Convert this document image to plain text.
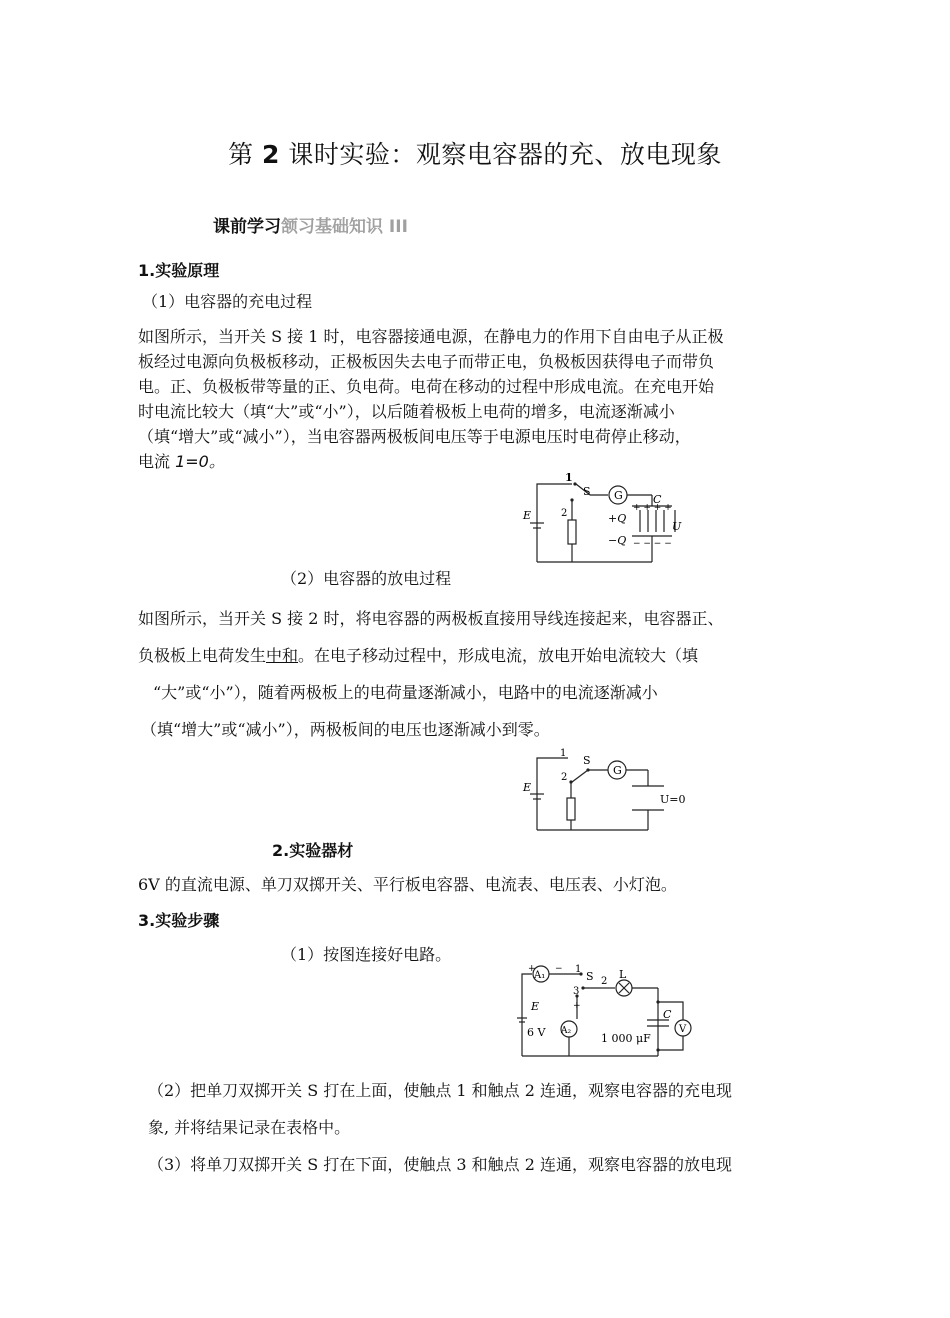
第 2 课时实验：观察电容器的充、放电现象
课前学习颔习基础知识 III
1.实验原理
（1）电容器的充电过程
如图所示，当开关 S 接 1 时，电容器接通电源，在静电力的作用下自由电子从正极
板经过电源向负极板移动，正极板因失去电子而带正电，负极板因获得电子而带负
电。正、负极板带等量的正、负电荷。电荷在移动的过程中形成电流。在充电开始
时电流比较大（填“大”或“小”），以后随着极板上电荷的增多，电流逐渐减小
（填“增大”或“减小”），当电容器两极板间电压等于电源电压时电荷停止移动，
电流 1=0。
1
S G	C
+ + + +
− − − −
+Q
−Q
U
2
E
（2）电容器的放电过程
如图所示，当开关 S 接 2 时，将电容器的两极板直接用导线连接起来，电容器正、
负极板上电荷发生中和。在电子移动过程中，形成电流，放电开始电流较大（填
“大”或“小”），随着两极板上的电荷量逐渐减小，电路中的电流逐渐减小
（填“增大”或“减小”），两极板间的电压也逐渐减小到零。
1
S
2
G
U=0
E
2.实验器材
6V 的直流电源、单刀双掷开关、平行板电容器、电流表、电压表、小灯泡。
3.实验步骤
（1）按图连接好电路。
A₁
+ − 1
S L
2
3
+
A₂
E
6 V
C
V
1 000 μF
（2）把单刀双掷开关 S 打在上面，使触点 1 和触点 2 连通，观察电容器的充电现
象, 并将结果记录在表格中。
（3）将单刀双掷开关 S 打在下面，使触点 3 和触点 2 连通，观察电容器的放电现
